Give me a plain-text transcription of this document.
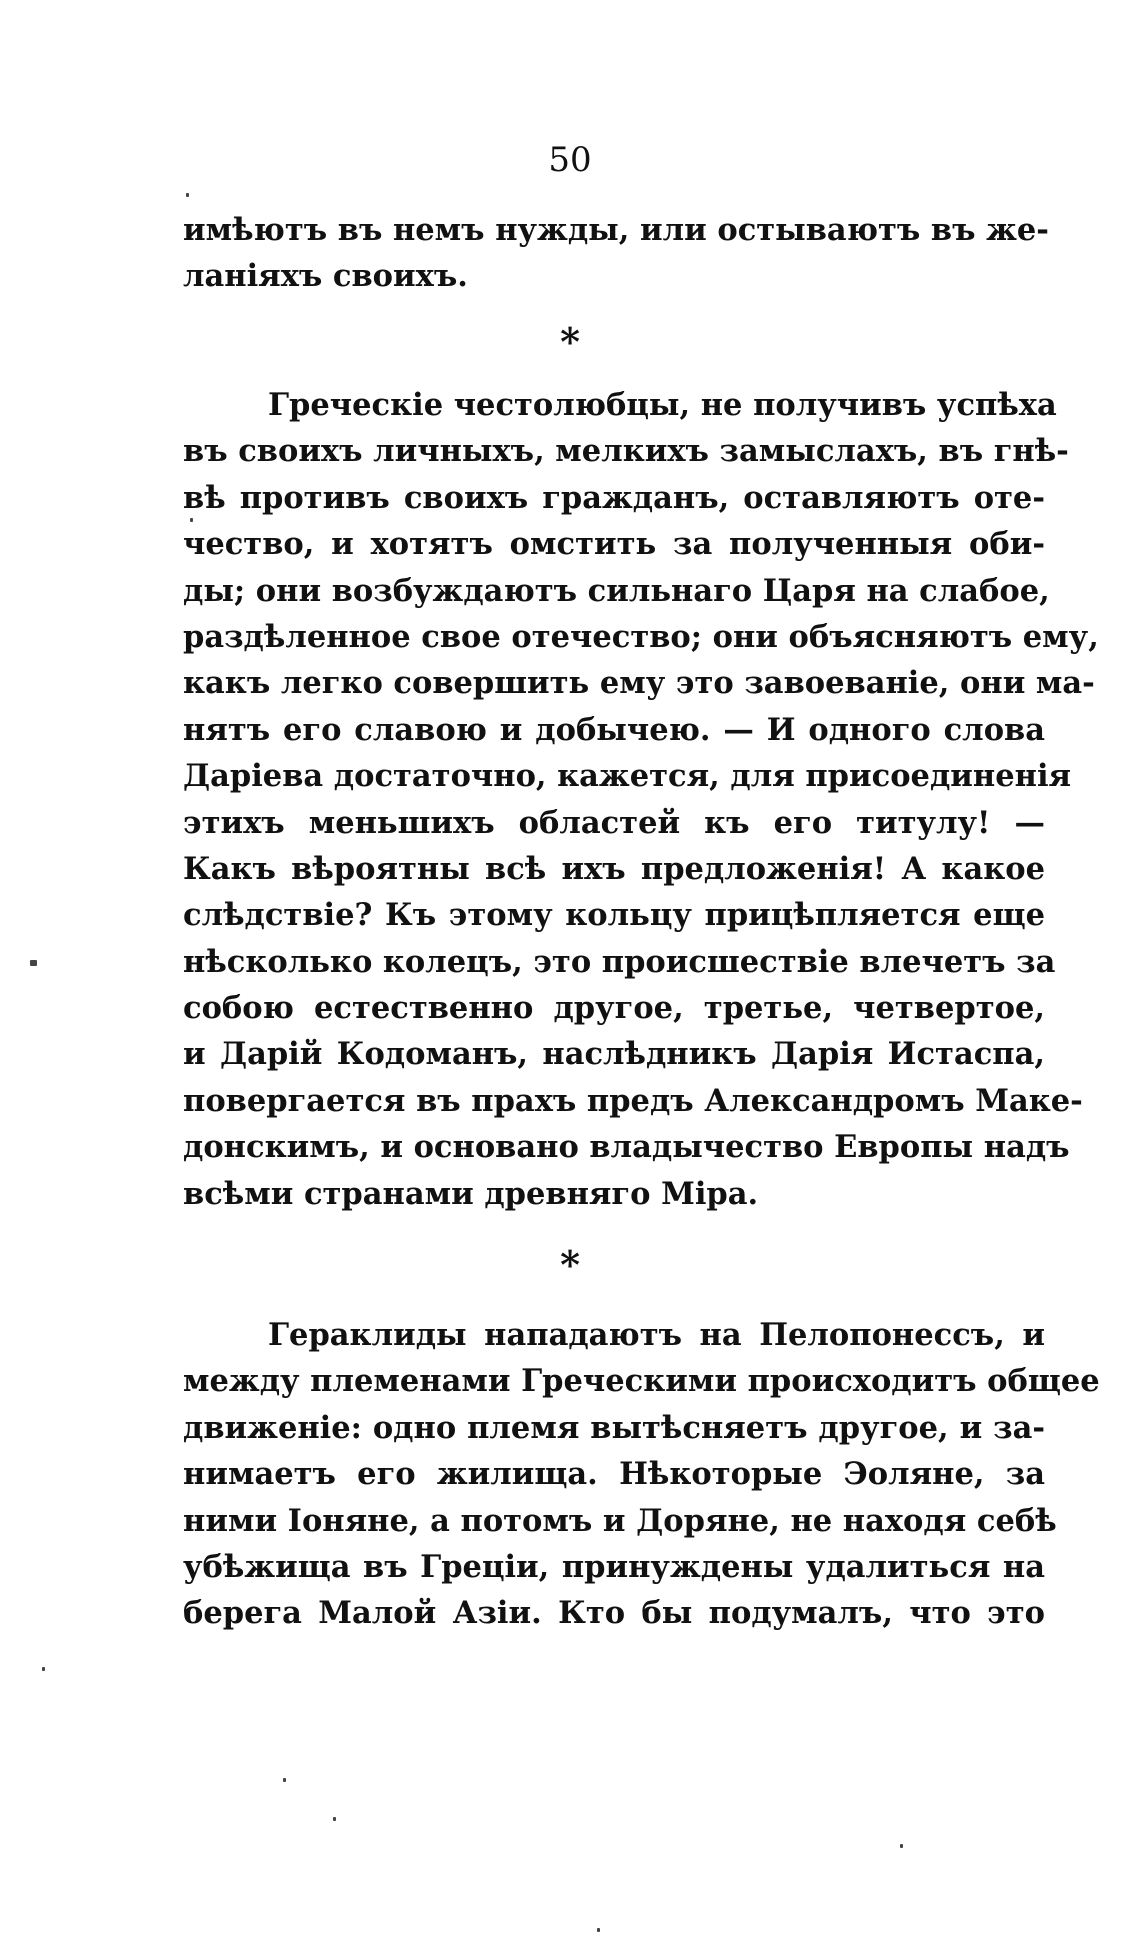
50
имѣютъ въ немъ нужды, или остываютъ въ же-
ланіяхъ своихъ.
*
Греческіе честолюбцы, не получивъ успѣха
въ своихъ личныхъ, мелкихъ замыслахъ, въ гнѣ-
вѣ противъ своихъ гражданъ, оставляютъ оте-
чество, и хотятъ омстить за полученныя оби-
ды; они возбуждаютъ сильнаго Царя на слабое,
раздѣленное свое отечество; они объясняютъ ему,
какъ легко совершить ему это завоеваніе, они ма-
нятъ его славою и добычею. — И одного слова
Даріева достаточно, кажется, для присоединенія
этихъ меньшихъ областей къ его титулу! —
Какъ вѣроятны всѣ ихъ предложенія! А какое
слѣдствіе? Къ этому кольцу прицѣпляется еще
нѣсколько колецъ, это происшествіе влечетъ за
собою естественно другое, третье, четвертое,
и Дарій Кодоманъ, наслѣдникъ Дарія Истаспа,
повергается въ прахъ предъ Александромъ Маке-
донскимъ, и основано владычество Европы надъ
всѣми странами древняго Міра.
*
Гераклиды нападаютъ на Пелопонессъ, и
между племенами Греческими происходитъ общее
движеніе: одно племя вытѣсняетъ другое, и за-
нимаетъ его жилища. Нѣкоторые Эоляне, за
ними Іоняне, а потомъ и Доряне, не находя себѣ
убѣжища въ Греціи, принуждены удалиться на
берега Малой Азіи. Кто бы подумалъ, что это
